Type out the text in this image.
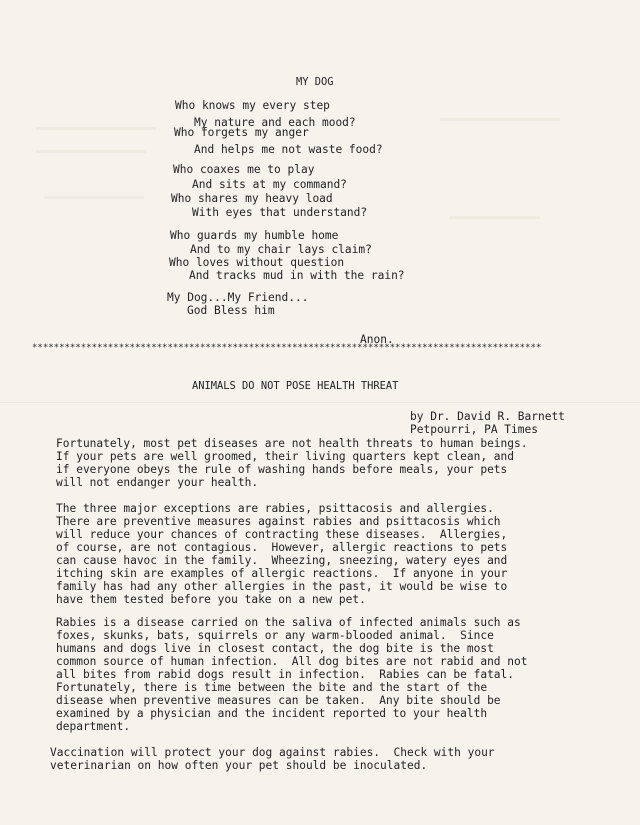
MY DOG

Who knows my every step

My nature and each mood?

Who forgets my anger

And helps me not waste food?

Who coaxes me to play

And sits at my command?

Who shares my heavy load

With eyes that understand?

Who guards my humble home

And to my chair lays claim?

Who loves without question

And tracks mud in with the rain?

My Dog...My Friend...

God Bless him

Anon.

**********************************************************************************************

ANIMALS DO NOT POSE HEALTH THREAT

by Dr. David R. Barnett

Petpourri, PA Times

Fortunately, most pet diseases are not health threats to human beings.

If your pets are well groomed, their living quarters kept clean, and

if everyone obeys the rule of washing hands before meals, your pets

will not endanger your health.

The three major exceptions are rabies, psittacosis and allergies.

There are preventive measures against rabies and psittacosis which

will reduce your chances of contracting these diseases.  Allergies,

of course, are not contagious.  However, allergic reactions to pets

can cause havoc in the family.  Wheezing, sneezing, watery eyes and

itching skin are examples of allergic reactions.  If anyone in your

family has had any other allergies in the past, it would be wise to

have them tested before you take on a new pet.

Rabies is a disease carried on the saliva of infected animals such as

foxes, skunks, bats, squirrels or any warm-blooded animal.  Since

humans and dogs live in closest contact, the dog bite is the most

common source of human infection.  All dog bites are not rabid and not

all bites from rabid dogs result in infection.  Rabies can be fatal.

Fortunately, there is time between the bite and the start of the

disease when preventive measures can be taken.  Any bite should be

examined by a physician and the incident reported to your health

department.

Vaccination will protect your dog against rabies.  Check with your

veterinarian on how often your pet should be inoculated.
